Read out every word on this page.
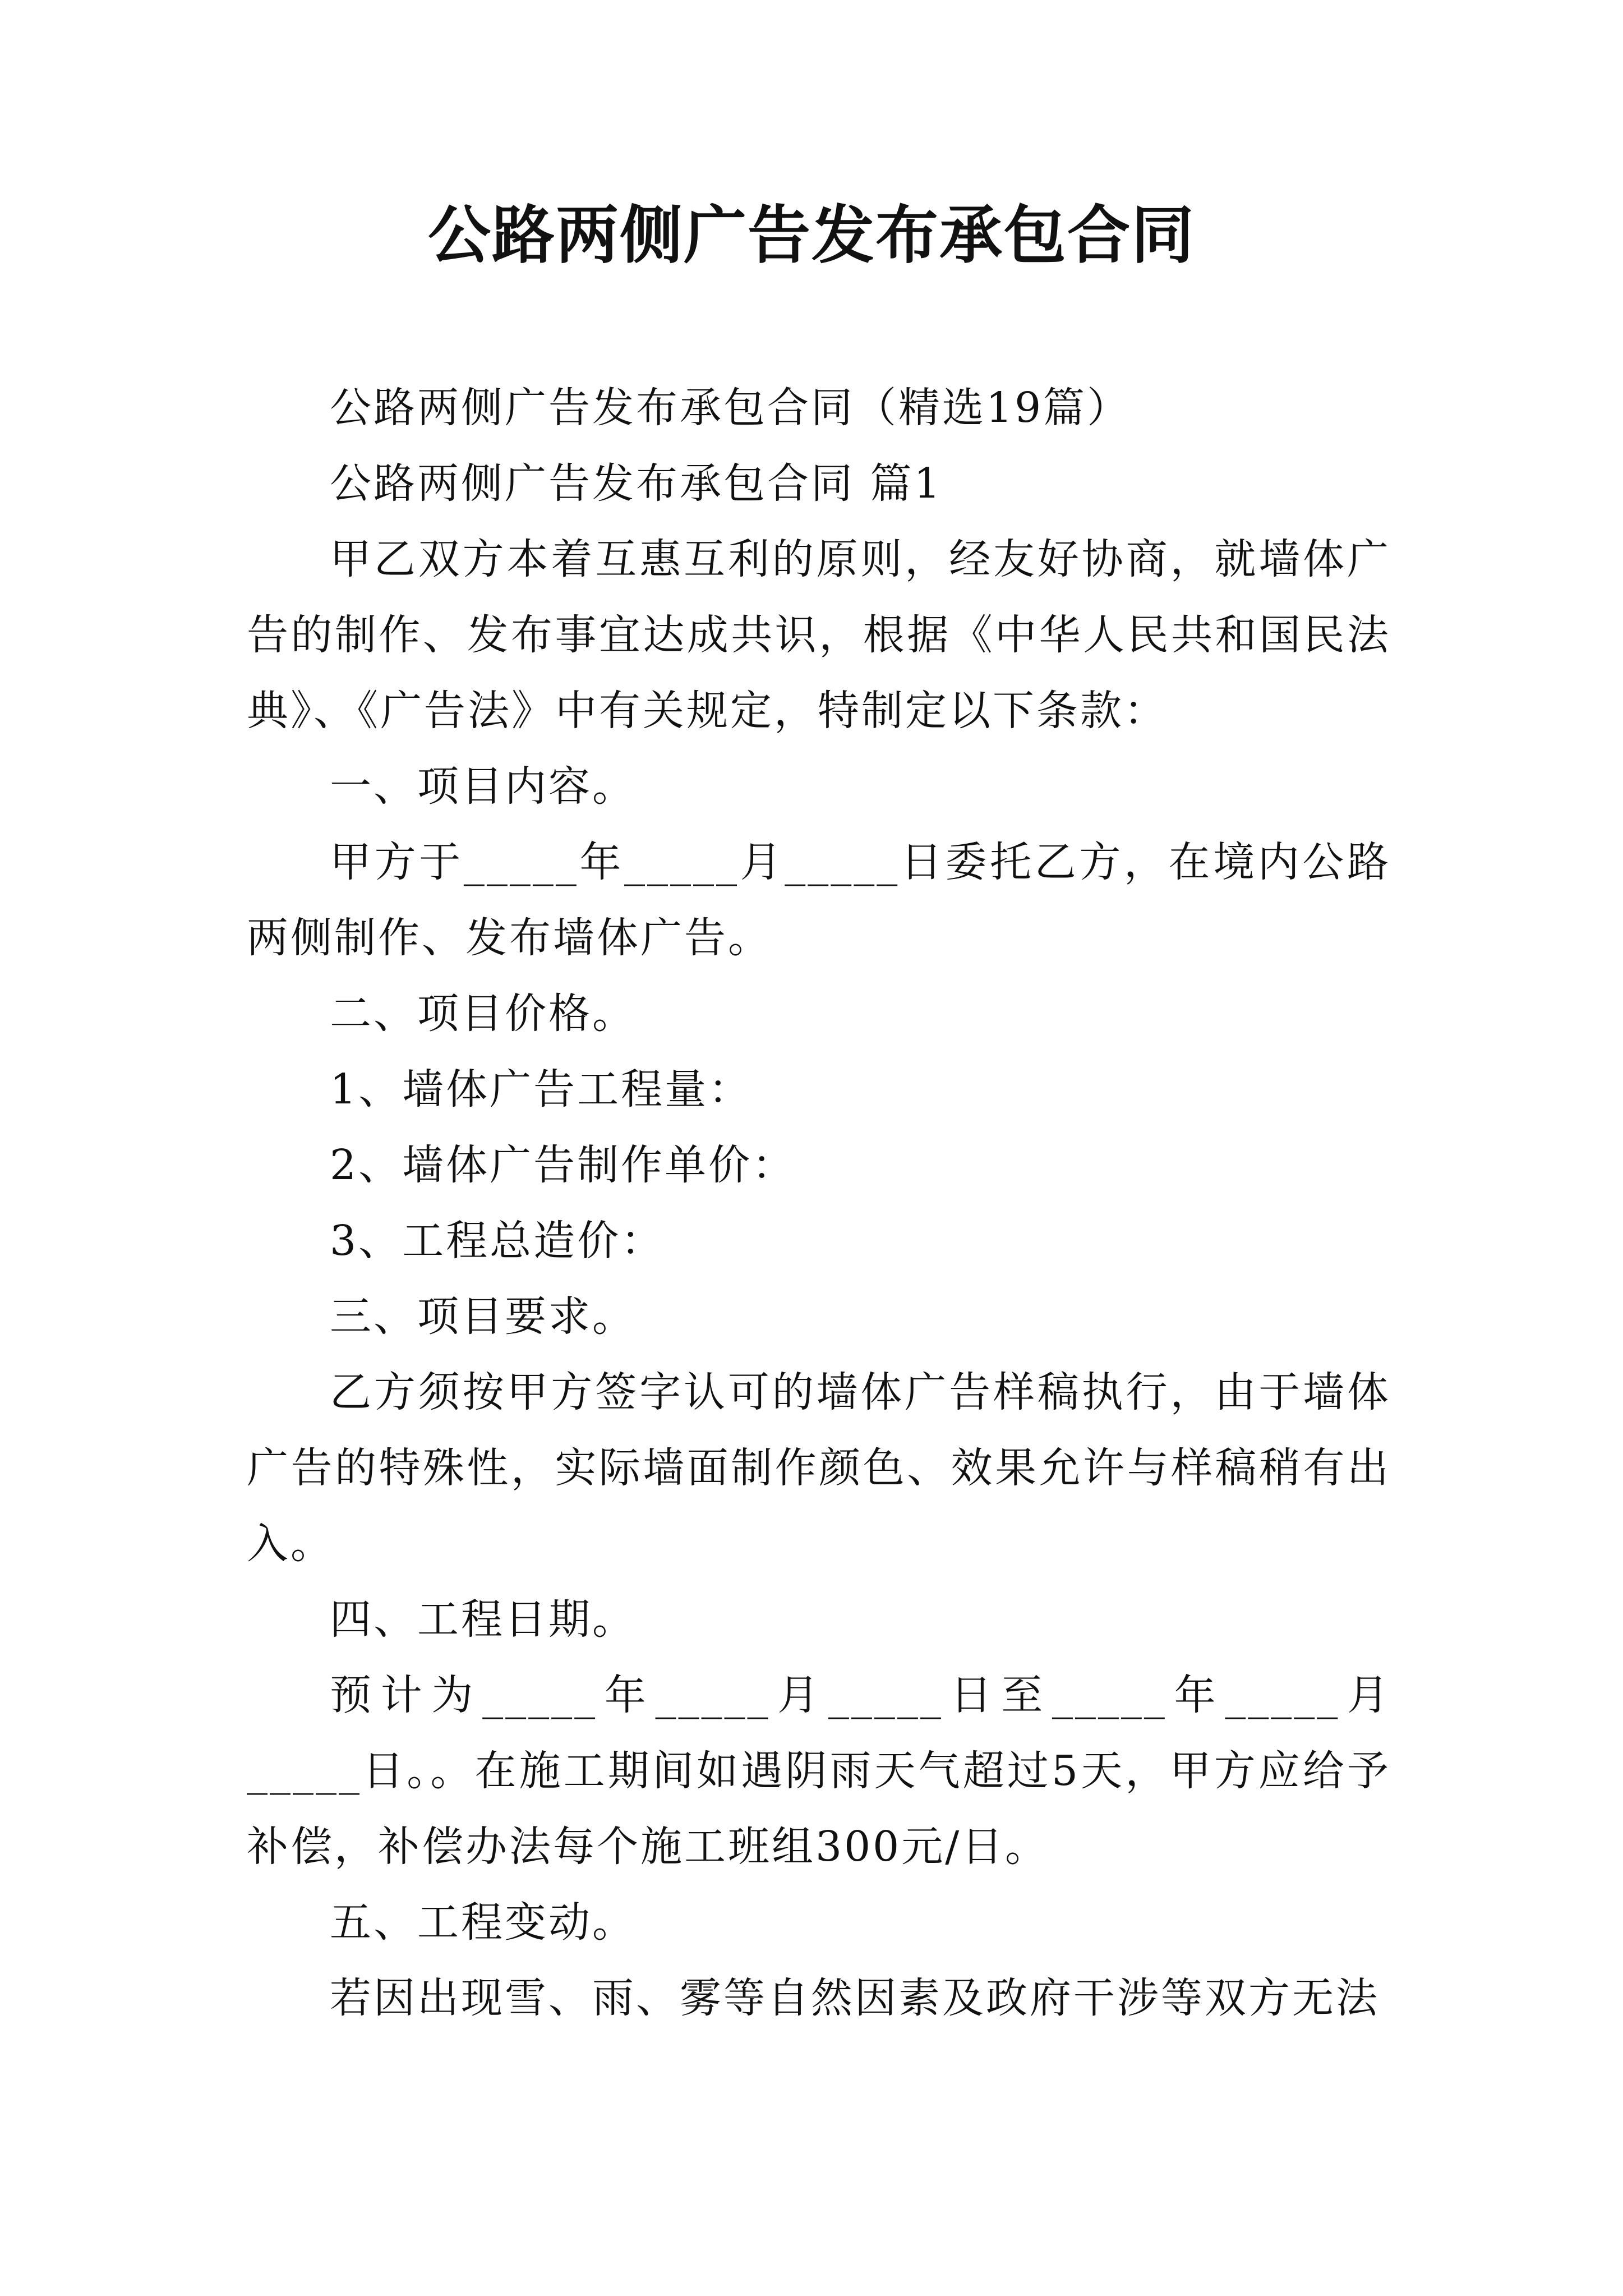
公路两侧广告发布承包合同

公路两侧广告发布承包合同（精选19篇）

公路两侧广告发布承包合同 篇1

甲乙双方本着互惠互利的原则，经友好协商，就墙体广告的制作、发布事宜达成共识，根据《中华人民共和国民法典》、《广告法》中有关规定，特制定以下条款：

一、项目内容。

甲方于_____年_____月_____日委托乙方，在境内公路两侧制作、发布墙体广告。

二、项目价格。

1、墙体广告工程量：

2、墙体广告制作单价：

3、工程总造价：

三、项目要求。

乙方须按甲方签字认可的墙体广告样稿执行，由于墙体广告的特殊性，实际墙面制作颜色、效果允许与样稿稍有出入。

四、工程日期。

预计为_____年_____月_____日至_____年_____月_____日。。在施工期间如遇阴雨天气超过5天，甲方应给予补偿，补偿办法每个施工班组300元/日。

五、工程变动。

若因出现雪、雨、雾等自然因素及政府干涉等双方无法
